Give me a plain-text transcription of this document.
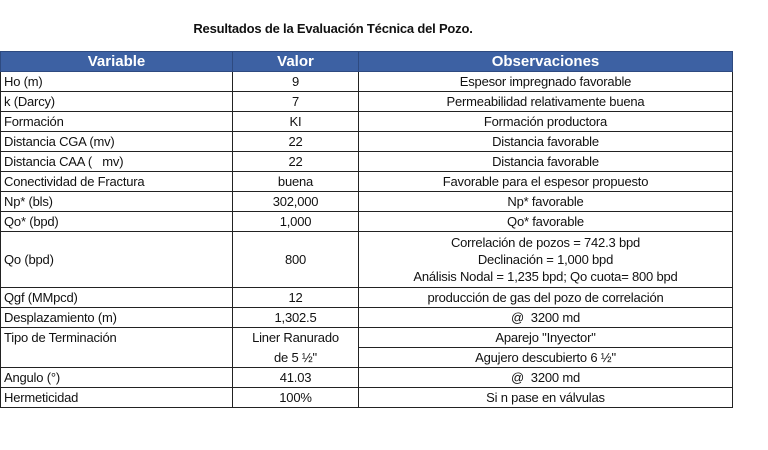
Resultados de la Evaluación Técnica del Pozo.
Variable	Valor	Observaciones
Ho (m)	9	Espesor impregnado favorable
k (Darcy)	7	Permeabilidad relativamente buena
Formación	KI	Formación productora
Distancia CGA (mv)	22	Distancia favorable
Distancia CAA (   mv)	22	Distancia favorable
Conectividad de Fractura	buena	Favorable para el espesor propuesto
Np* (bls)	302,000	Np* favorable
Qo* (bpd)	1,000	Qo* favorable
Qo (bpd)	800	Correlación de pozos = 742.3 bpd
Declinación = 1,000 bpd
Análisis Nodal = 1,235 bpd; Qo cuota= 800 bpd

Qgf (MMpcd)	12	producción de gas del pozo de correlación
Desplazamiento (m)	1,302.5	@  3200 md
Tipo de Terminación	Liner Ranurado	Aparejo "Inyector"
	de 5 ½"	Agujero descubierto 6 ½"
Angulo (°)	41.03	@  3200 md
Hermeticidad	100%	Si n pase en válvulas
